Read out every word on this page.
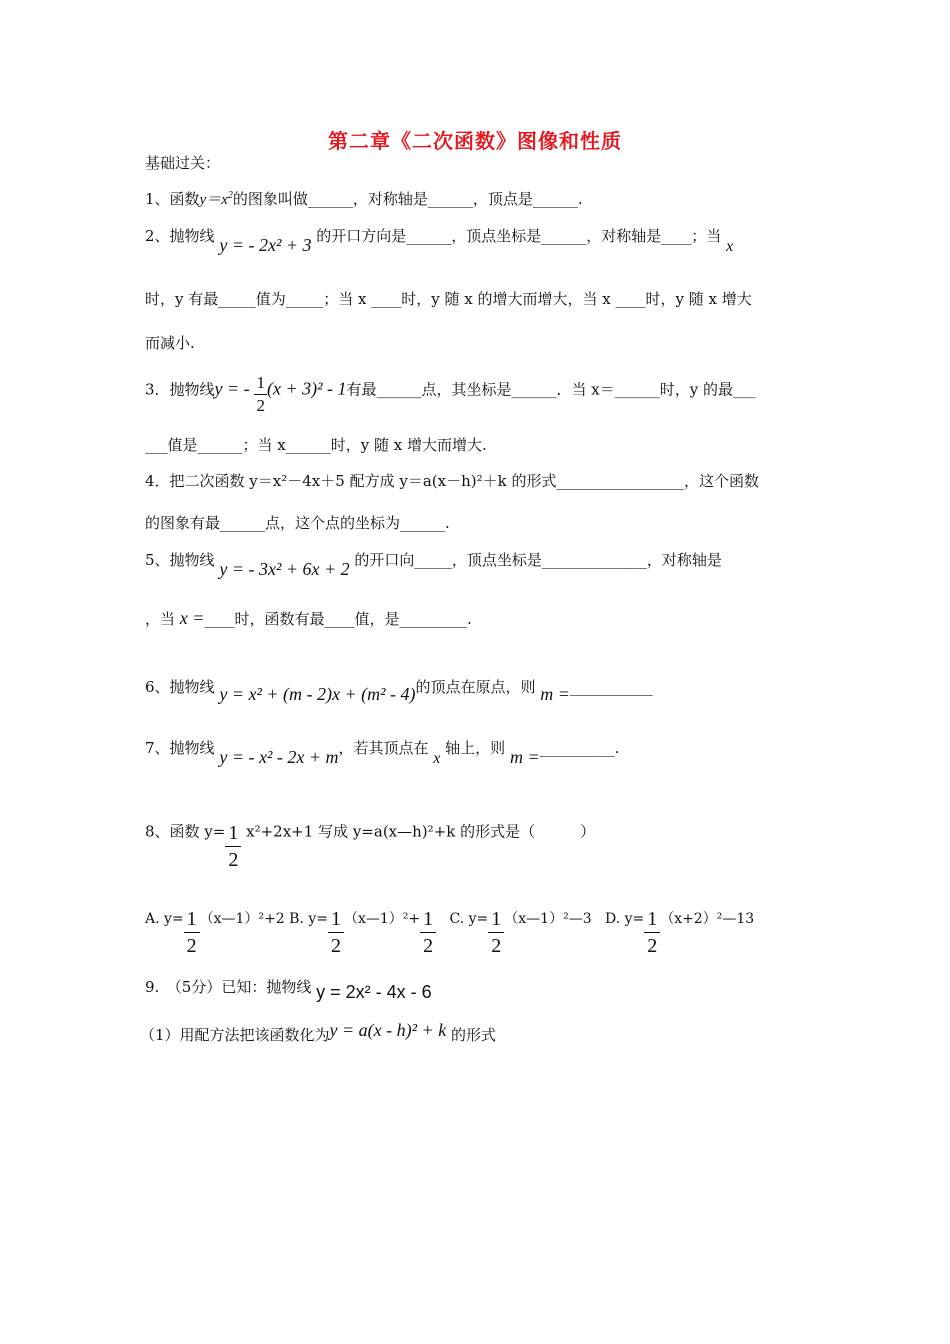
第二章《二次函数》图像和性质
基础过关：
1、函数$y=x^2$的图象叫做______，对称轴是______，顶点是______.
2、抛物线 y = - 2x² + 3 的开口方向是______，顶点坐标是______，对称轴是____；当 x
时，y 有最_____值为_____；当 x ____时，y 随 x 的增大而增大，当 x ____时，y 随 x 增大
而减小.
3．抛物线y = - $\frac{1}{2} (x + 3)^2 - 1$有最______点，其坐标是______．当 x＝______时，y 的最___
___值是______；当 x______时，y 随 x 增大而增大.
4．把二次函数 y＝x²－4x＋5 配方成 y＝a(x－h)²＋k 的形式_________________，这个函数
的图象有最______点，这个点的坐标为______.
5、抛物线 y = - 3x² + 6x + 2 的开口向_____，顶点坐标是______________，对称轴是
，当 x =____时，函数有最____值，是_________.
6、抛物线 y = x² + (m - 2)x + (m² - 4)的顶点在原点，则 m =___________
7、抛物线 y = - x² - 2x + m，若其顶点在 x 轴上，则 m =__________.
8、函数 $y= \frac{1}{2} x^2+2x+1$ 写成 y=a(x—h)²+k 的形式是（　　　）
A. $y= \frac{1}{2}$ （x—1）²+2 B. $y= \frac{1}{2}$ （x—1）²+ $\frac{1}{2} C$. $y= \frac{1}{2}$ （x—1）²—3 D. $y= \frac{1}{2}$ （x+2）²—13
9.　（5分）已知：抛物线 y = 2x² - 4x - 6
（1）用配方法把该函数化为y = a(x - h)² + k 的形式
